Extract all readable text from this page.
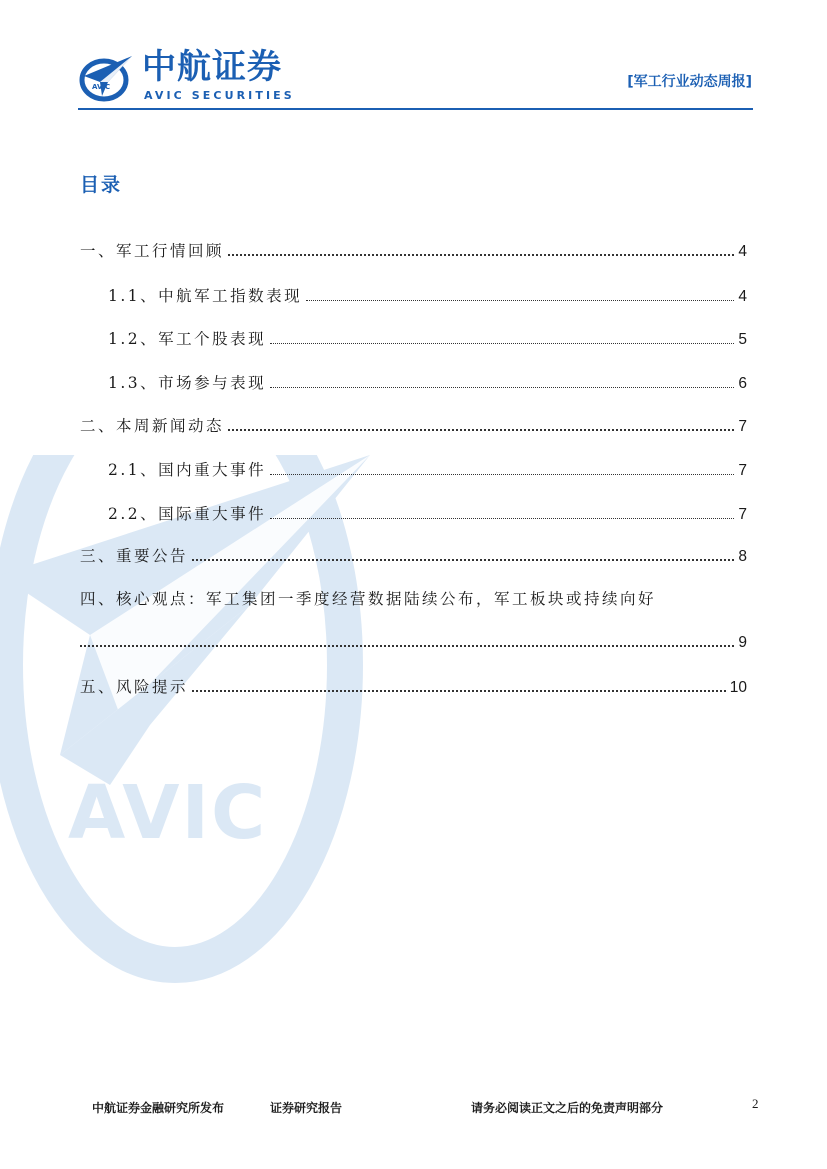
AVIC 中航证券
AVIC SECURITIES
[军工行业动态周报]
AVIC
目录
一、军工行情回顾	4
1.1、中航军工指数表现	4
1.2、军工个股表现	5
1.3、市场参与表现	6
二、本周新闻动态	7
2.1、国内重大事件	7
2.2、国际重大事件	7
三、重要公告	8
四、核心观点：军工集团一季度经营数据陆续公布，军工板块或持续向好
9
五、风险提示	10
中航证券金融研究所发布	证券研究报告	请务必阅读正文之后的免责声明部分	2
